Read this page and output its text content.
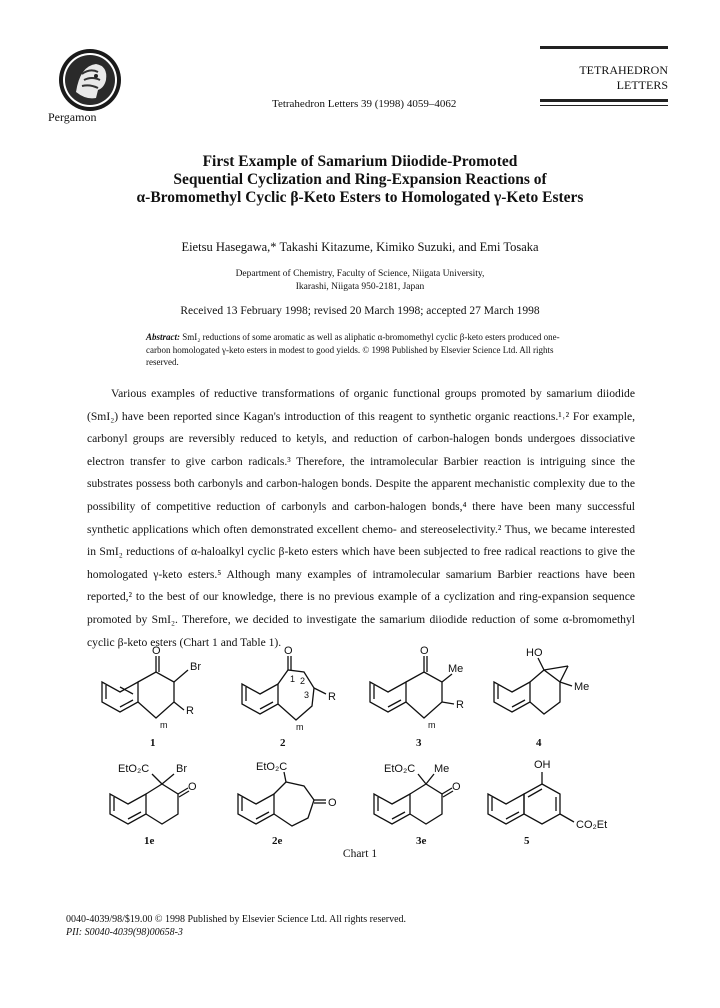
Pergamon
Tetrahedron Letters 39 (1998) 4059–4062
TETRAHEDRON
LETTERS
First Example of Samarium Diiodide-Promoted
Sequential Cyclization and Ring-Expansion Reactions of
α-Bromomethyl Cyclic β-Keto Esters to Homologated γ-Keto Esters
Eietsu Hasegawa,* Takashi Kitazume, Kimiko Suzuki, and Emi Tosaka
Department of Chemistry, Faculty of Science, Niigata University,
Ikarashi, Niigata 950-2181, Japan
Received 13 February 1998; revised 20 March 1998; accepted 27 March 1998
Abstract: SmI₂ reductions of some aromatic as well as aliphatic α-bromomethyl cyclic β-keto esters produced one-carbon homologated γ-keto esters in modest to good yields. © 1998 Published by Elsevier Science Ltd. All rights reserved.
Various examples of reductive transformations of organic functional groups promoted by samarium diiodide (SmI₂) have been reported since Kagan's introduction of this reagent to synthetic organic reactions.¹˒² For example, carbonyl groups are reversibly reduced to ketyls, and reduction of carbon-halogen bonds undergoes dissociative electron transfer to give carbon radicals.³ Therefore, the intramolecular Barbier reaction is intriguing since the substrates possess both carbonyls and carbon-halogen bonds. Despite the apparent mechanistic complexity due to the possibility of competitive reduction of carbonyls and carbon-halogen bonds,⁴ there have been many successful synthetic applications which often demonstrated excellent chemo- and stereoselectivity.² Thus, we became interested in SmI₂ reductions of α-haloalkyl cyclic β-keto esters which have been subjected to free radical reactions to give the homologated γ-keto esters.⁵ Although many examples of intramolecular samarium Barbier reactions have been reported,² to the best of our knowledge, there is no previous example of a cyclization and ring-expansion sequence promoted by SmI₂. Therefore, we decided to investigate the samarium diiodide reduction of some α-bromomethyl cyclic β-keto esters (Chart 1 and Table 1).
O
Br
R
m
1
O
1 2
3 R
m
2
O
Me
R
m
3
HO
Me
4
EtO₂C Br
O
1e
EtO₂C
O
2e
EtO₂C Me
O
3e
OH
CO₂Et
5
Chart 1
0040-4039/98/$19.00 © 1998 Published by Elsevier Science Ltd. All rights reserved.
PII: S0040-4039(98)00658-3
